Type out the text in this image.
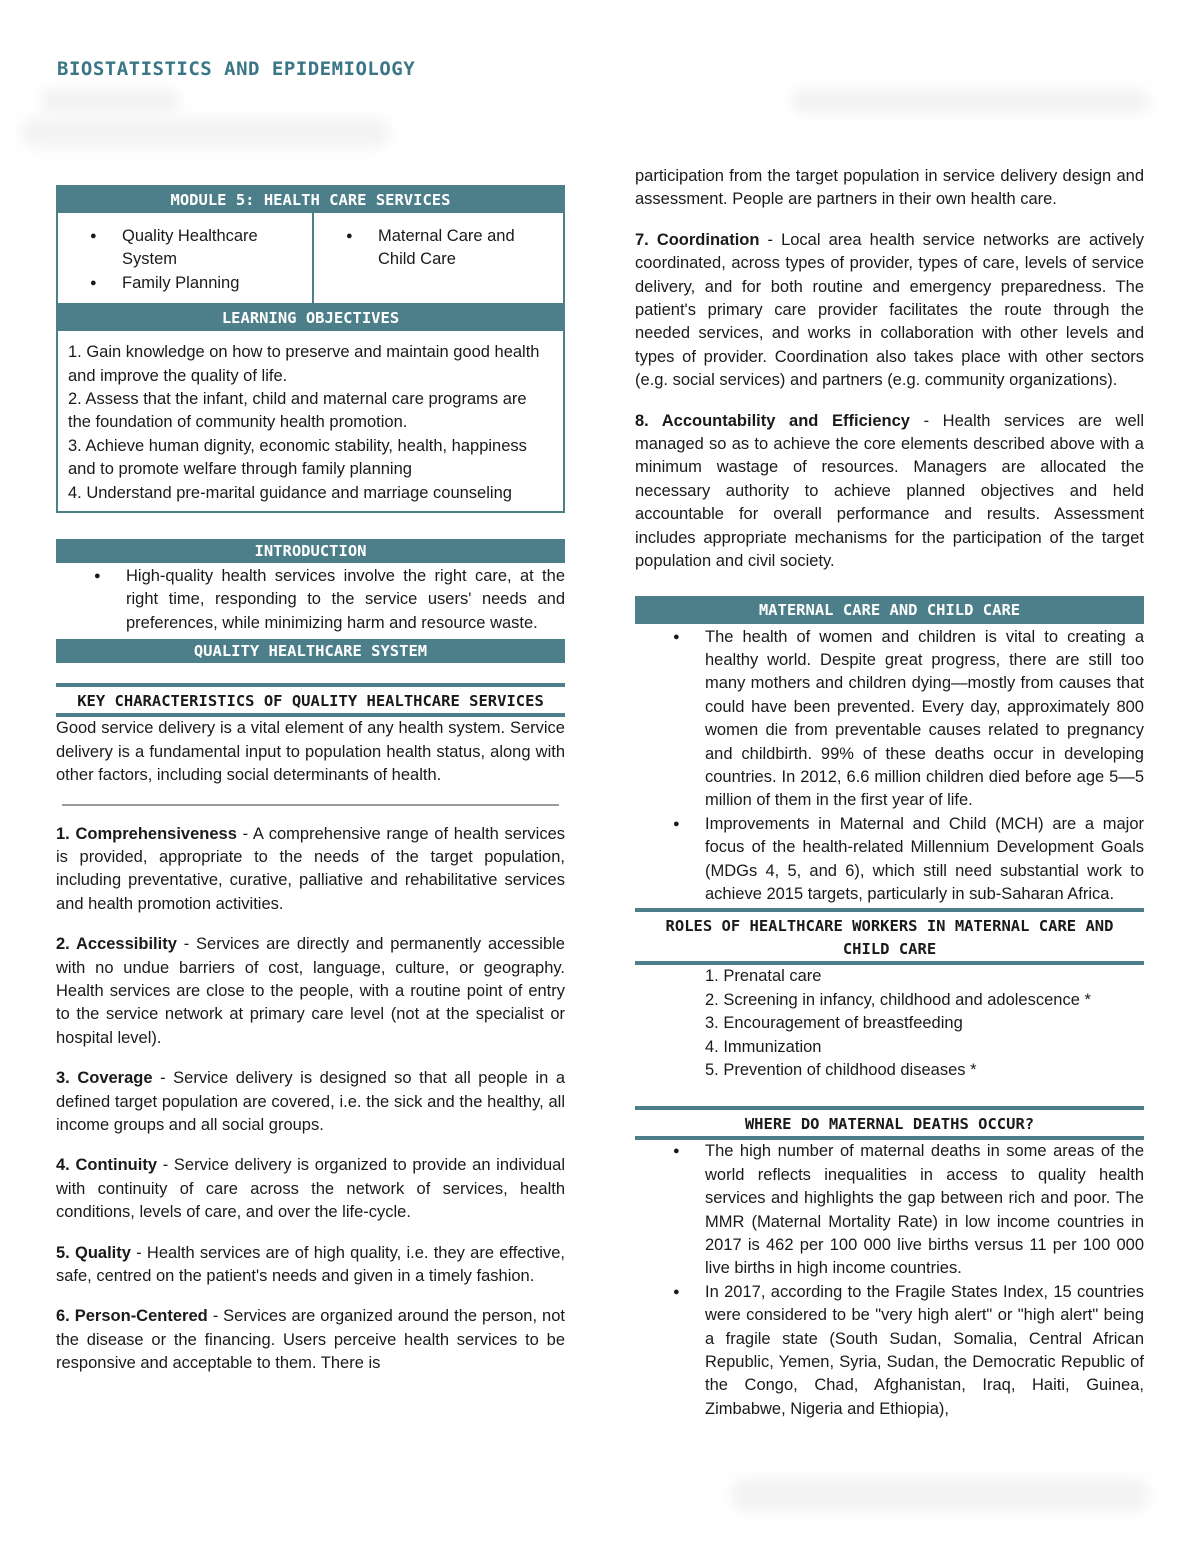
BIOSTATISTICS AND EPIDEMIOLOGY
MODULE 5: HEALTH CARE SERVICES
● Quality Healthcare System
● Family Planning
● Maternal Care and Child Care
LEARNING OBJECTIVES

1. Gain knowledge on how to preserve and maintain good health and improve the quality of life.

2. Assess that the infant, child and maternal care programs are the foundation of community health promotion.

3. Achieve human dignity, economic stability, health, happiness and to promote welfare through family planning

4. Understand pre-marital guidance and marriage counseling

INTRODUCTION
● High-quality health services involve the right care, at the right time, responding to the service users' needs and preferences, while minimizing harm and resource waste.
QUALITY HEALTHCARE SYSTEM
KEY CHARACTERISTICS OF QUALITY HEALTHCARE SERVICES

Good service delivery is a vital element of any health system. Service delivery is a fundamental input to population health status, along with other factors, including social determinants of health.

1. Comprehensiveness - A comprehensive range of health services is provided, appropriate to the needs of the target population, including preventative, curative, palliative and rehabilitative services and health promotion activities.

2. Accessibility - Services are directly and permanently accessible with no undue barriers of cost, language, culture, or geography. Health services are close to the people, with a routine point of entry to the service network at primary care level (not at the specialist or hospital level).

3. Coverage - Service delivery is designed so that all people in a defined target population are covered, i.e. the sick and the healthy, all income groups and all social groups.

4. Continuity - Service delivery is organized to provide an individual with continuity of care across the network of services, health conditions, levels of care, and over the life-cycle.

5. Quality - Health services are of high quality, i.e. they are effective, safe, centred on the patient's needs and given in a timely fashion.

6. Person-Centered - Services are organized around the person, not the disease or the financing. Users perceive health services to be responsive and acceptable to them. There is

participation from the target population in service delivery design and assessment. People are partners in their own health care.

7. Coordination - Local area health service networks are actively coordinated, across types of provider, types of care, levels of service delivery, and for both routine and emergency preparedness. The patient's primary care provider facilitates the route through the needed services, and works in collaboration with other levels and types of provider. Coordination also takes place with other sectors (e.g. social services) and partners (e.g. community organizations).

8. Accountability and Efficiency - Health services are well managed so as to achieve the core elements described above with a minimum wastage of resources. Managers are allocated the necessary authority to achieve planned objectives and held accountable for overall performance and results. Assessment includes appropriate mechanisms for the participation of the target population and civil society.

MATERNAL CARE AND CHILD CARE
● The health of women and children is vital to creating a healthy world. Despite great progress, there are still too many mothers and children dying—mostly from causes that could have been prevented. Every day, approximately 800 women die from preventable causes related to pregnancy and childbirth. 99% of these deaths occur in developing countries. In 2012, 6.6 million children died before age 5—5 million of them in the first year of life.
● Improvements in Maternal and Child (MCH) are a major focus of the health-related Millennium Development Goals (MDGs 4, 5, and 6), which still need substantial work to achieve 2015 targets, particularly in sub-Saharan Africa.
ROLES OF HEALTHCARE WORKERS IN MATERNAL CARE AND CHILD CARE
1. Prenatal care
2. Screening in infancy, childhood and adolescence *
3. Encouragement of breastfeeding
4. Immunization
5. Prevention of childhood diseases *
WHERE DO MATERNAL DEATHS OCCUR?
● The high number of maternal deaths in some areas of the world reflects inequalities in access to quality health services and highlights the gap between rich and poor. The MMR (Maternal Mortality Rate) in low income countries in 2017 is 462 per 100 000 live births versus 11 per 100 000 live births in high income countries.
● In 2017, according to the Fragile States Index, 15 countries were considered to be "very high alert" or "high alert" being a fragile state (South Sudan, Somalia, Central African Republic, Yemen, Syria, Sudan, the Democratic Republic of the Congo, Chad, Afghanistan, Iraq, Haiti, Guinea, Zimbabwe, Nigeria and Ethiopia),
